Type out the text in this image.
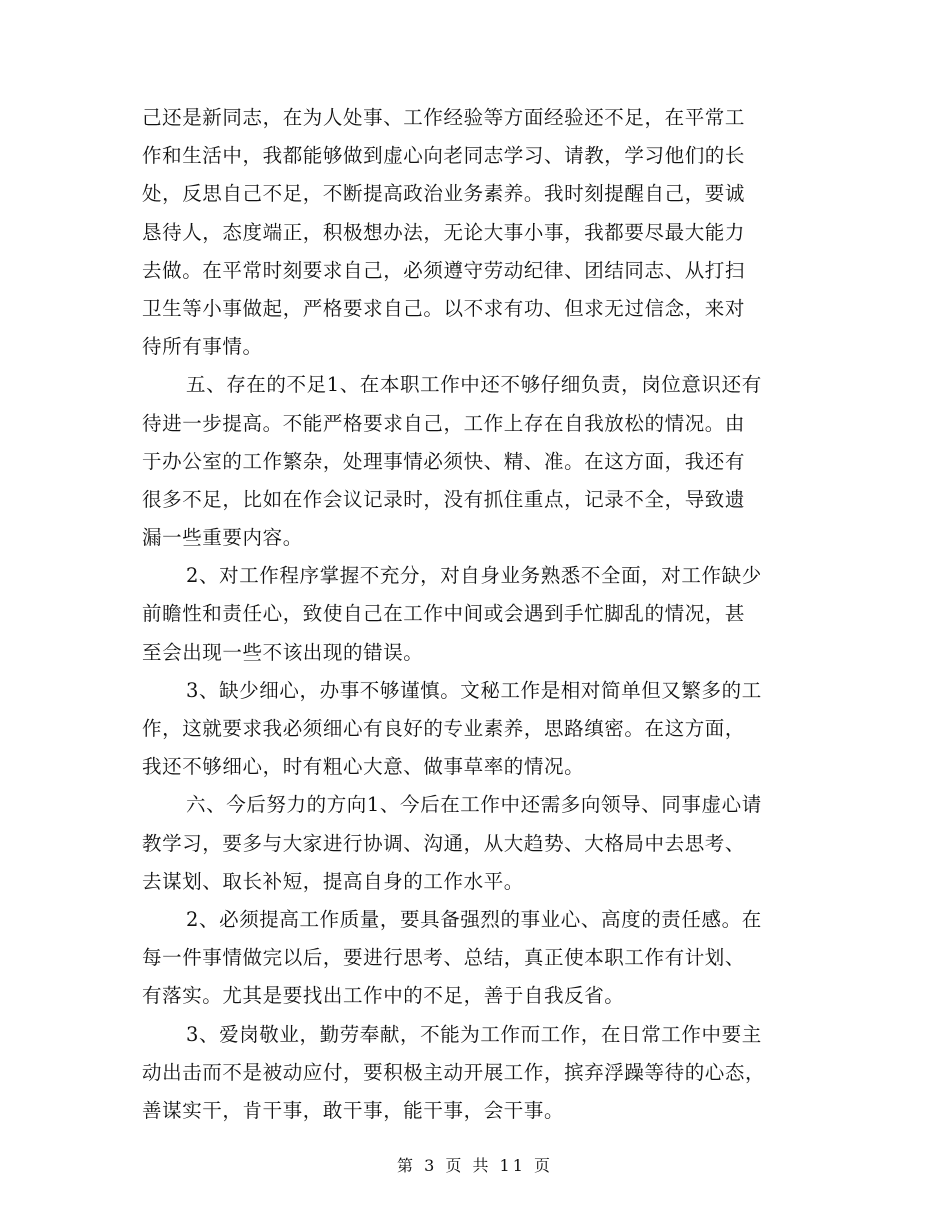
己还是新同志，在为人处事、工作经验等方面经验还不足，在平常工
作和生活中，我都能够做到虚心向老同志学习、请教，学习他们的长
处，反思自己不足，不断提高政治业务素养。我时刻提醒自己，要诚
恳待人，态度端正，积极想办法，无论大事小事，我都要尽最大能力
去做。在平常时刻要求自己，必须遵守劳动纪律、团结同志、从打扫
卫生等小事做起，严格要求自己。以不求有功、但求无过信念，来对
待所有事情。
五、存在的不足1、在本职工作中还不够仔细负责，岗位意识还有
待进一步提高。不能严格要求自己，工作上存在自我放松的情况。由
于办公室的工作繁杂，处理事情必须快、精、准。在这方面，我还有
很多不足，比如在作会议记录时，没有抓住重点，记录不全，导致遗
漏一些重要内容。
2、对工作程序掌握不充分，对自身业务熟悉不全面，对工作缺少
前瞻性和责任心，致使自己在工作中间或会遇到手忙脚乱的情况，甚
至会出现一些不该出现的错误。
3、缺少细心，办事不够谨慎。文秘工作是相对简单但又繁多的工
作，这就要求我必须细心有良好的专业素养，思路缜密。在这方面，
我还不够细心，时有粗心大意、做事草率的情况。
六、今后努力的方向1、今后在工作中还需多向领导、同事虚心请
教学习，要多与大家进行协调、沟通，从大趋势、大格局中去思考、
去谋划、取长补短，提高自身的工作水平。
2、必须提高工作质量，要具备强烈的事业心、高度的责任感。在
每一件事情做完以后，要进行思考、总结，真正使本职工作有计划、
有落实。尤其是要找出工作中的不足，善于自我反省。
3、爱岗敬业，勤劳奉献，不能为工作而工作，在日常工作中要主
动出击而不是被动应付，要积极主动开展工作，摈弃浮躁等待的心态，
善谋实干，肯干事，敢干事，能干事，会干事。
第 3 页 共 11 页
